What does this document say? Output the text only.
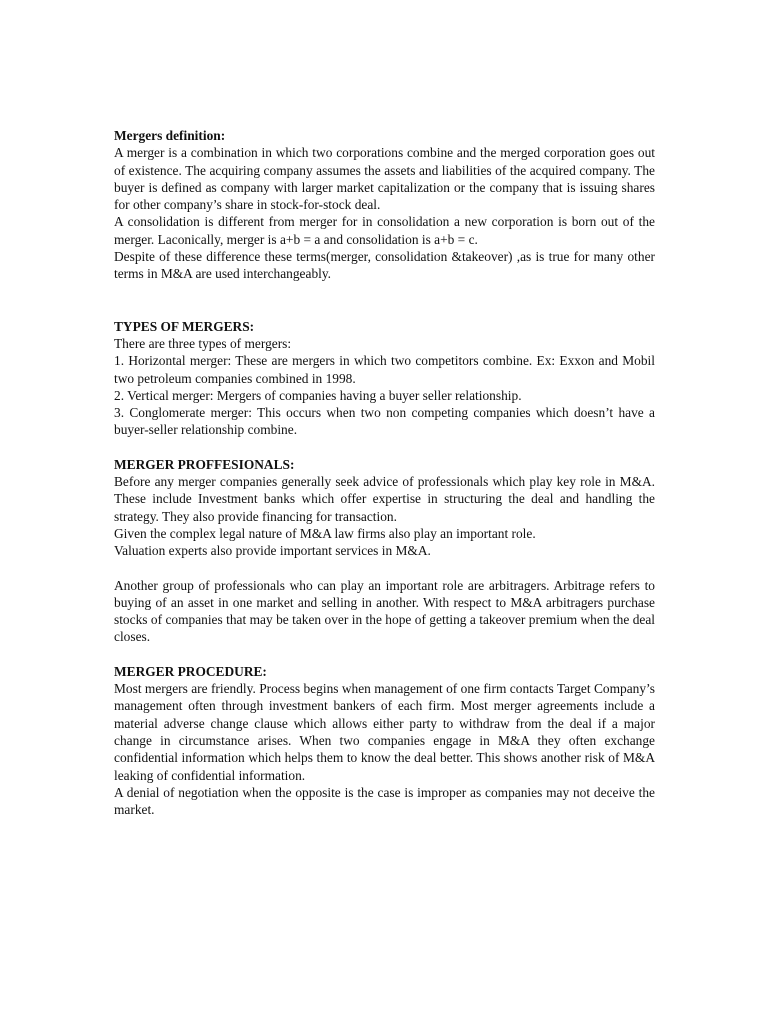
Mergers definition:

A merger is a combination in which two corporations combine and the merged corporation goes out of existence. The acquiring company assumes the assets and liabilities of the acquired company. The buyer is defined as company with larger market capitalization or the company that is issuing shares for other company’s share in stock-for-stock deal.

A consolidation is different from merger for in consolidation a new corporation is born out of the merger. Laconically, merger is a+b = a and consolidation is a+b = c.

Despite of these difference these terms(merger, consolidation &takeover) ,as is true for many other terms in M&A are used interchangeably.

TYPES OF MERGERS:

There are three types of mergers:

1. Horizontal merger: These are mergers in which two competitors combine. Ex: Exxon and Mobil two petroleum companies combined in 1998.

2. Vertical merger: Mergers of companies having a buyer seller relationship.

3. Conglomerate merger: This occurs when two non competing companies which doesn’t have a buyer-seller relationship combine.

MERGER PROFFESIONALS:

Before any merger companies generally seek advice of professionals which play key role in M&A. These include Investment banks which offer expertise in structuring the deal and handling the strategy. They also provide financing for transaction.

Given the complex legal nature of M&A law firms also play an important role.

Valuation experts also provide important services in M&A.

Another group of professionals who can play an important role are arbitragers. Arbitrage refers to buying of an asset in one market and selling in another. With respect to M&A arbitragers purchase stocks of companies that may be taken over in the hope of getting a takeover premium when the deal closes.

MERGER PROCEDURE:

Most mergers are friendly. Process begins when management of one firm contacts Target Company’s management often through investment bankers of each firm. Most merger agreements include a material adverse change clause which allows either party to withdraw from the deal if a major change in circumstance arises. When two companies engage in M&A they often exchange confidential information which helps them to know the deal better. This shows another risk of M&A leaking of confidential information.

A denial of negotiation when the opposite is the case is improper as companies may not deceive the market.
